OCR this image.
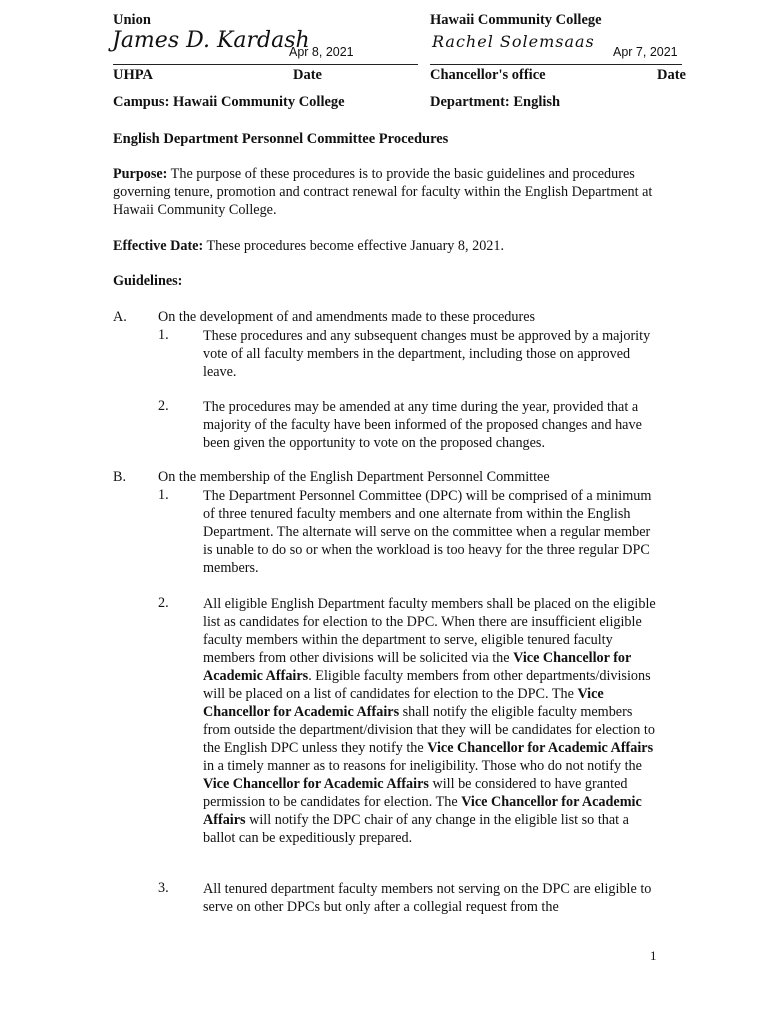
Union
James D. Kardash
Apr 8, 2021
UHPA	Date
Hawaii Community College
Rachel Solemsaas
Apr 7, 2021
Chancellor's office	Date
Campus: Hawaii Community College	Department: English
English Department Personnel Committee Procedures
Purpose: The purpose of these procedures is to provide the basic guidelines and procedures governing tenure, promotion and contract renewal for faculty within the English Department at Hawaii Community College.
Effective Date: These procedures become effective January 8, 2021.
Guidelines:
A. On the development of and amendments made to these procedures
1. These procedures and any subsequent changes must be approved by a majority vote of all faculty members in the department, including those on approved leave.
2. The procedures may be amended at any time during the year, provided that a majority of the faculty have been informed of the proposed changes and have been given the opportunity to vote on the proposed changes.
B. On the membership of the English Department Personnel Committee
1. The Department Personnel Committee (DPC) will be comprised of a minimum of three tenured faculty members and one alternate from within the English Department. The alternate will serve on the committee when a regular member is unable to do so or when the workload is too heavy for the three regular DPC members.
2. All eligible English Department faculty members shall be placed on the eligible list as candidates for election to the DPC. When there are insufficient eligible faculty members within the department to serve, eligible tenured faculty members from other divisions will be solicited via the Vice Chancellor for Academic Affairs. Eligible faculty members from other departments/divisions will be placed on a list of candidates for election to the DPC. The Vice Chancellor for Academic Affairs shall notify the eligible faculty members from outside the department/division that they will be candidates for election to the English DPC unless they notify the Vice Chancellor for Academic Affairs in a timely manner as to reasons for ineligibility. Those who do not notify the Vice Chancellor for Academic Affairs will be considered to have granted permission to be candidates for election. The Vice Chancellor for Academic Affairs will notify the DPC chair of any change in the eligible list so that a ballot can be expeditiously prepared.
3. All tenured department faculty members not serving on the DPC are eligible to serve on other DPCs but only after a collegial request from the
1
